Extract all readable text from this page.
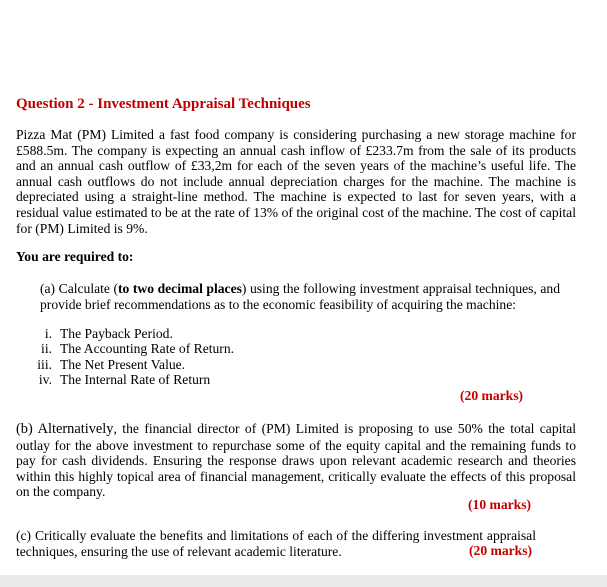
Question 2 - Investment Appraisal Techniques
Pizza Mat (PM) Limited a fast food company is considering purchasing a new storage machine for £588.5m. The company is expecting an annual cash inflow of £233.7m from the sale of its products and an annual cash outflow of £33,2m for each of the seven years of the machine’s useful life. The annual cash outflows do not include annual depreciation charges for the machine. The machine is depreciated using a straight-line method. The machine is expected to last for seven years, with a residual value estimated to be at the rate of 13% of the original cost of the machine. The cost of capital for (PM) Limited is 9%.
You are required to:
(a) Calculate (to two decimal places) using the following investment appraisal techniques, and provide brief recommendations as to the economic feasibility of acquiring the machine:
i. The Payback Period.
ii. The Accounting Rate of Return.
iii. The Net Present Value.
iv. The Internal Rate of Return
(20 marks)
(b) Alternatively, the financial director of (PM) Limited is proposing to use 50% the total capital outlay for the above investment to repurchase some of the equity capital and the remaining funds to pay for cash dividends. Ensuring the response draws upon relevant academic research and theories within this highly topical area of financial management, critically evaluate the effects of this proposal on the company.
(10 marks)
(c) Critically evaluate the benefits and limitations of each of the differing investment appraisal techniques, ensuring the use of relevant academic literature.	(20 marks)
